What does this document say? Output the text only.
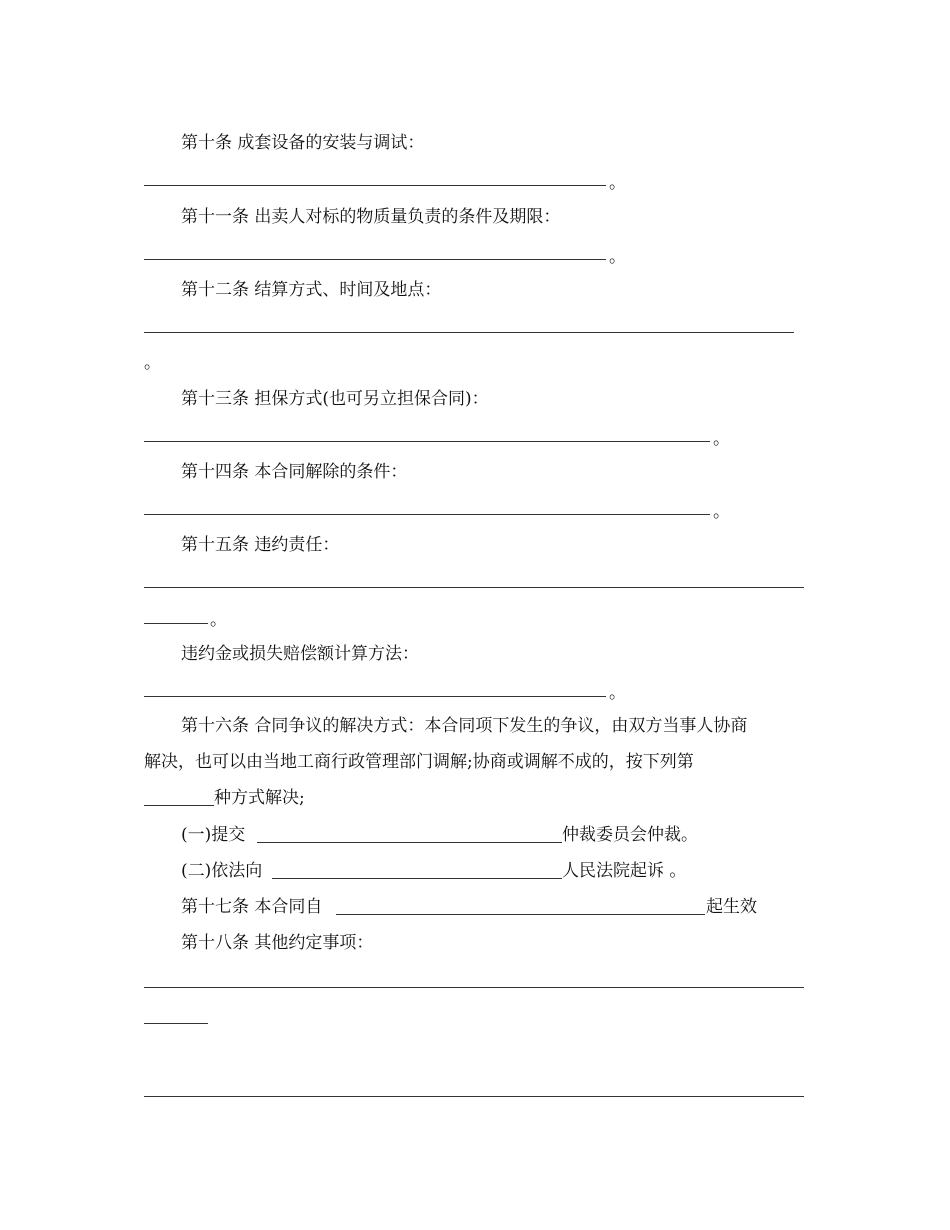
第十条 成套设备的安装与调试：
。
第十一条 出卖人对标的物质量负责的条件及期限：
。
第十二条 结算方式、时间及地点：
。
第十三条 担保方式(也可另立担保合同)：
。
第十四条 本合同解除的条件：
。
第十五条 违约责任：
。
违约金或损失赔偿额计算方法：
。
第十六条 合同争议的解决方式：本合同项下发生的争议，由双方当事人协商
解决，也可以由当地工商行政管理部门调解;协商或调解不成的，按下列第
种方式解决;
(一)提交	仲裁委员会仲裁。
(二)依法向	人民法院起诉 。
第十七条 本合同自	起生效
第十八条 其他约定事项：
